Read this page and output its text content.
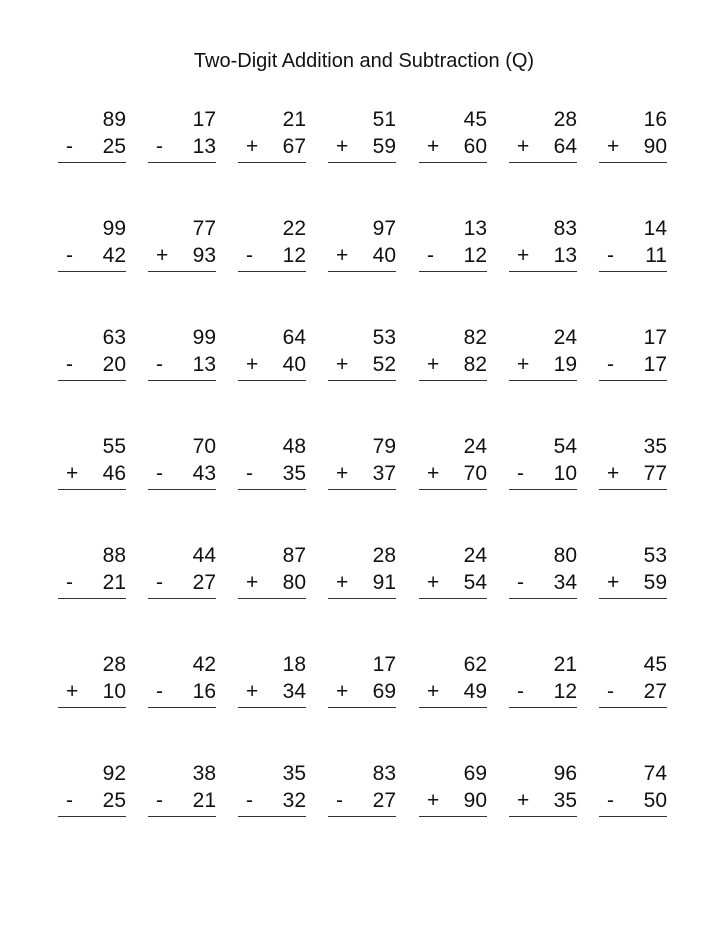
Two-Digit Addition and Subtraction (Q)
89
- 25
17
- 13
21
+ 67
51
+ 59
45
+ 60
28
+ 64
16
+ 90
99
- 42
77
+ 93
22
- 12
97
+ 40
13
- 12
83
+ 13
14
- 11
63
- 20
99
- 13
64
+ 40
53
+ 52
82
+ 82
24
+ 19
17
- 17
55
+ 46
70
- 43
48
- 35
79
+ 37
24
+ 70
54
- 10
35
+ 77
88
- 21
44
- 27
87
+ 80
28
+ 91
24
+ 54
80
- 34
53
+ 59
28
+ 10
42
- 16
18
+ 34
17
+ 69
62
+ 49
21
- 12
45
- 27
92
- 25
38
- 21
35
- 32
83
- 27
69
+ 90
96
+ 35
74
- 50
